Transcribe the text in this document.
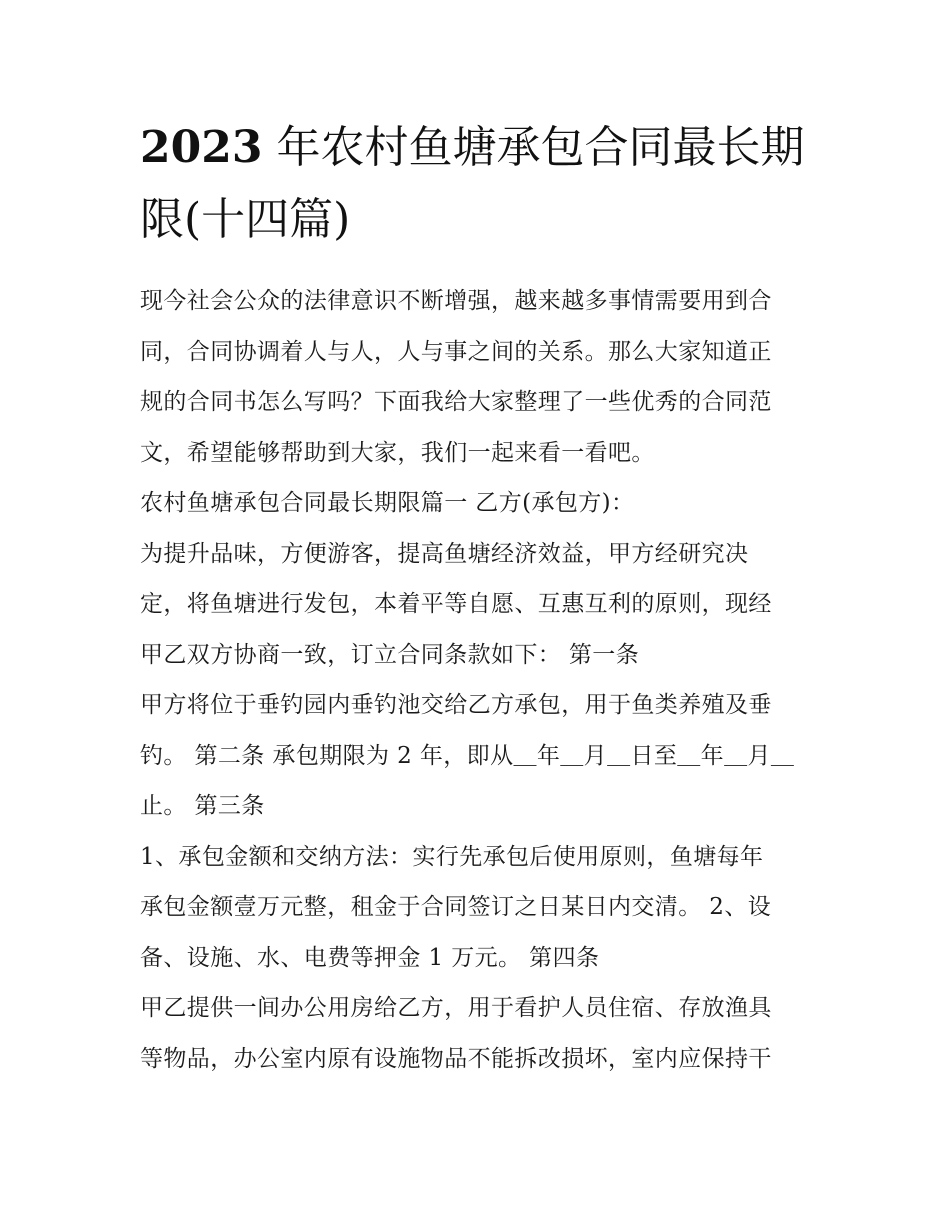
2023 年农村鱼塘承包合同最长期限(十四篇)

现今社会公众的法律意识不断增强，越来越多事情需要用到合
同，合同协调着人与人，人与事之间的关系。那么大家知道正
规的合同书怎么写吗？下面我给大家整理了一些优秀的合同范
文，希望能够帮助到大家，我们一起来看一看吧。

农村鱼塘承包合同最长期限篇一 乙方(承包方)：

为提升品味，方便游客，提高鱼塘经济效益，甲方经研究决
定，将鱼塘进行发包，本着平等自愿、互惠互利的原则，现经
甲乙双方协商一致，订立合同条款如下： 第一条

甲方将位于垂钓园内垂钓池交给乙方承包，用于鱼类养殖及垂
钓。 第二条 承包期限为 2 年，即从＿年＿月＿日至＿年＿月＿
止。 第三条

1、承包金额和交纳方法：实行先承包后使用原则，鱼塘每年
承包金额壹万元整，租金于合同签订之日某日内交清。 2、设
备、设施、水、电费等押金 1 万元。 第四条

甲乙提供一间办公用房给乙方，用于看护人员住宿、存放渔具
等物品，办公室内原有设施物品不能拆改损坏，室内应保持干
